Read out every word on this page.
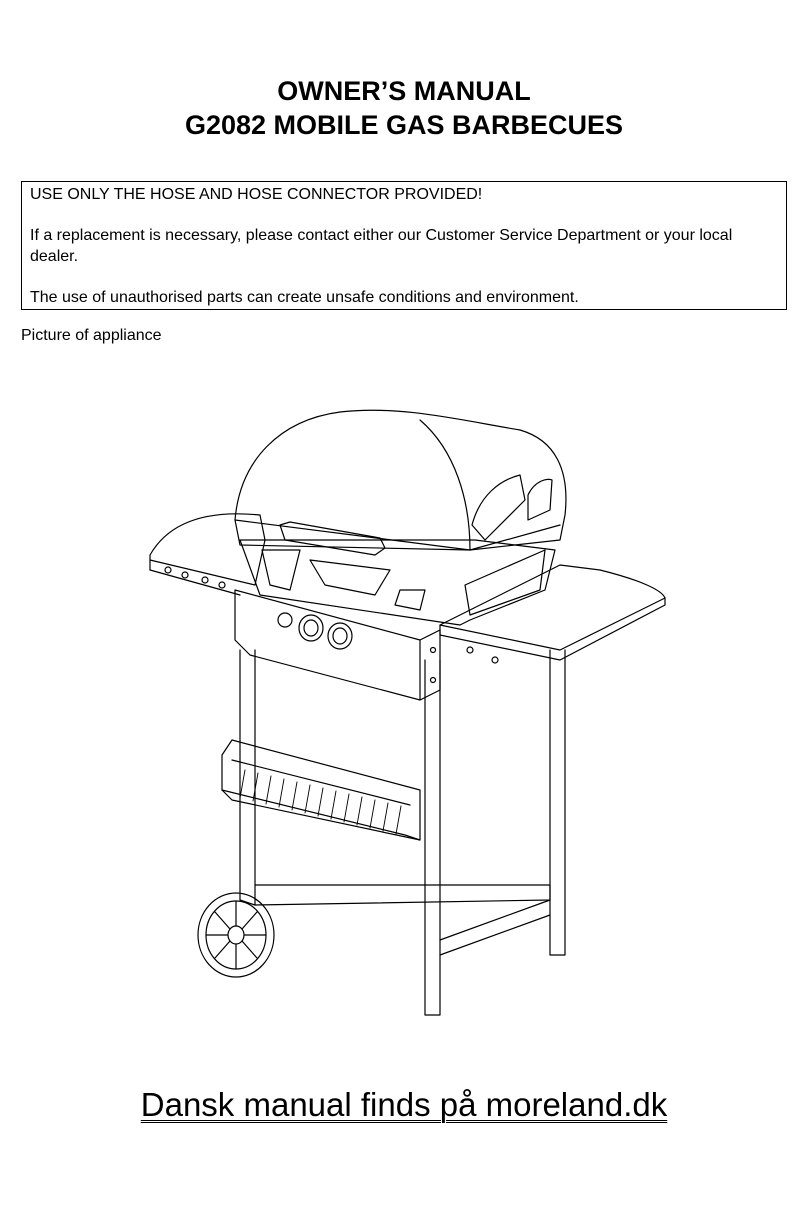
OWNER’S MANUAL
G2082 MOBILE GAS BARBECUES

USE ONLY THE HOSE AND HOSE CONNECTOR PROVIDED!

If a replacement is necessary, please contact either our Customer Service Department or your local dealer.

The use of unauthorised parts can create unsafe conditions and environment.

Picture of appliance

Dansk manual finds på moreland.dk
